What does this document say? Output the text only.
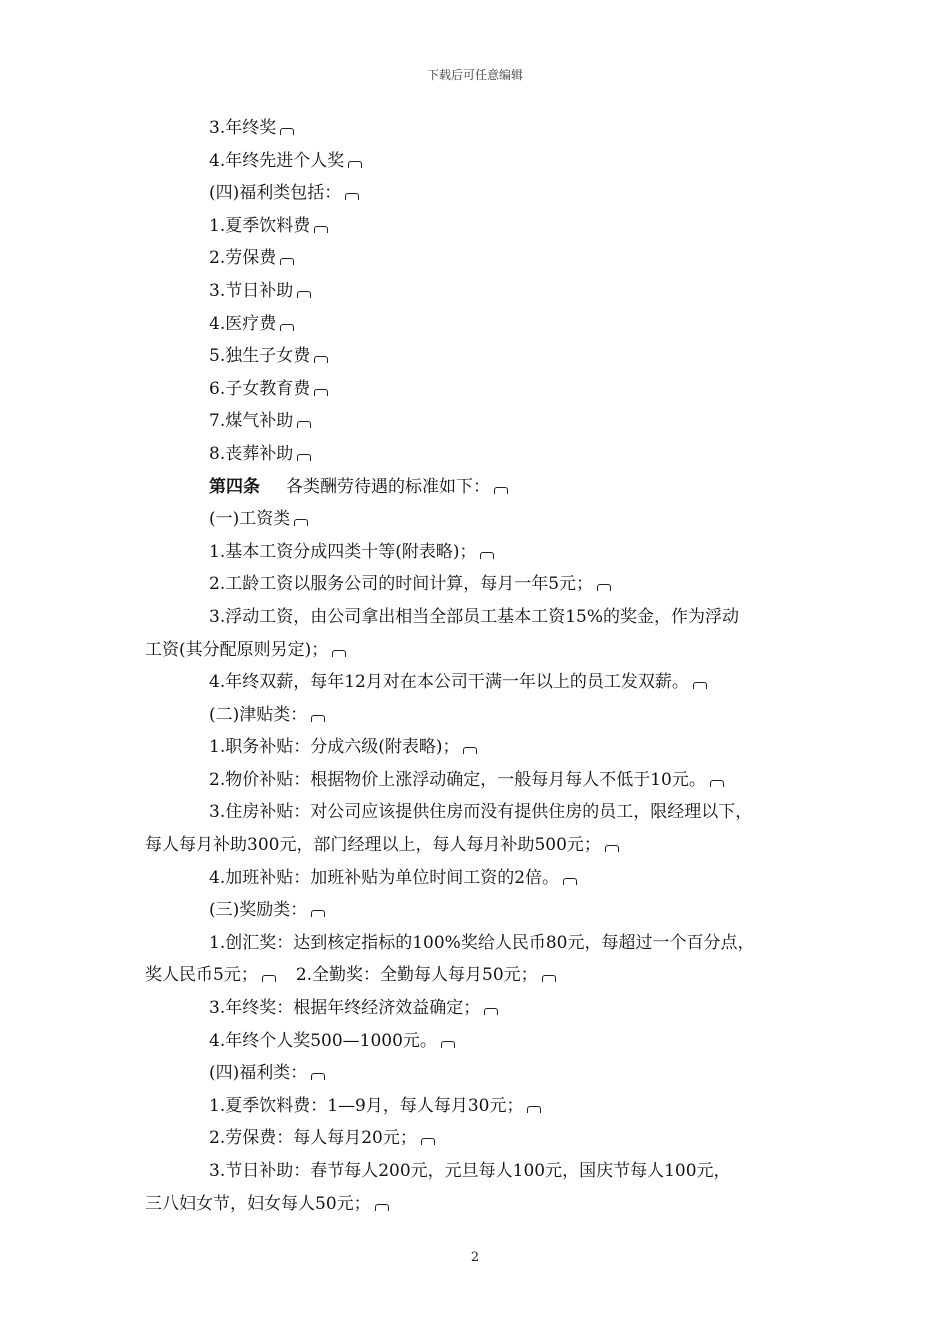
下载后可任意编辑
3.年终奖
4.年终先进个人奖
(四)福利类包括：
1.夏季饮料费
2.劳保费
3.节日补助
4.医疗费
5.独生子女费
6.子女教育费
7.煤气补助
8.丧葬补助
第四条 各类酬劳待遇的标准如下：
(一)工资类
1.基本工资分成四类十等(附表略)；
2.工龄工资以服务公司的时间计算，每月一年5元；
3.浮动工资，由公司拿出相当全部员工基本工资15%的奖金，作为浮动
工资(其分配原则另定)；
4.年终双薪，每年12月对在本公司干满一年以上的员工发双薪。
(二)津贴类：
1.职务补贴：分成六级(附表略)；
2.物价补贴：根据物价上涨浮动确定，一般每月每人不低于10元。
3.住房补贴：对公司应该提供住房而没有提供住房的员工，限经理以下，
每人每月补助300元，部门经理以上，每人每月补助500元；
4.加班补贴：加班补贴为单位时间工资的2倍。
(三)奖励类：
1.创汇奖：达到核定指标的100%奖给人民币80元，每超过一个百分点，
奖人民币5元； 2.全勤奖：全勤每人每月50元；
3.年终奖：根据年终经济效益确定；
4.年终个人奖500—1000元。
(四)福利类：
1.夏季饮料费：1—9月，每人每月30元；
2.劳保费：每人每月20元；
3.节日补助：春节每人200元，元旦每人100元，国庆节每人100元，
三八妇女节，妇女每人50元；
2
